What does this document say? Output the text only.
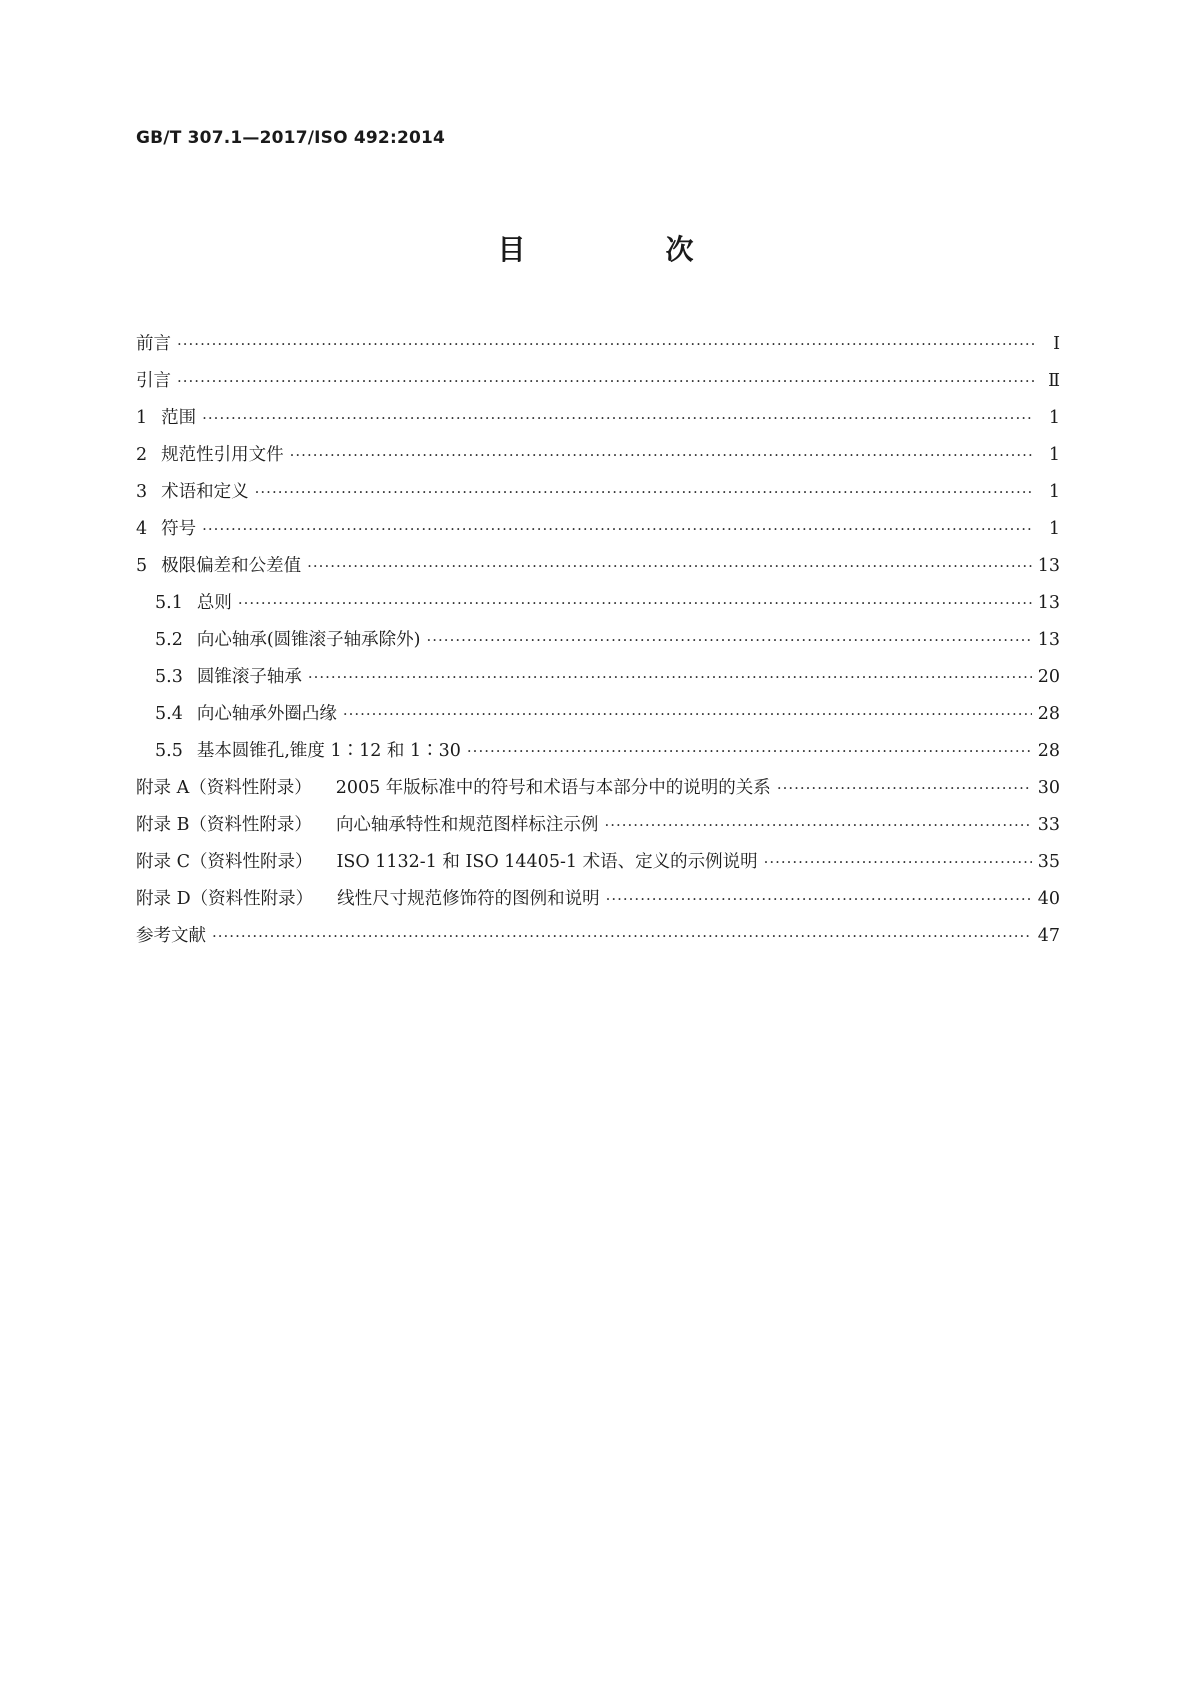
GB/T 307.1—2017/ISO 492:2014
目　次
前言 ·····	Ⅰ
引言 ·····	Ⅱ
1 范围 ·····	1
2 规范性引用文件 ·····	1
3 术语和定义 ·····	1
4 符号 ·····	1
5 极限偏差和公差值 ·····	13
5.1 总则 ·····	13
5.2 向心轴承(圆锥滚子轴承除外) ·····	13
5.3 圆锥滚子轴承 ·····	20
5.4 向心轴承外圈凸缘 ·····	28
5.5 基本圆锥孔,锥度 1∶12 和 1∶30 ·····	28
附录 A（资料性附录） 2005 年版标准中的符号和术语与本部分中的说明的关系 ·····	30
附录 B（资料性附录） 向心轴承特性和规范图样标注示例 ·····	33
附录 C（资料性附录） ISO 1132-1 和 ISO 14405-1 术语、定义的示例说明 ·····	35
附录 D（资料性附录） 线性尺寸规范修饰符的图例和说明 ·····	40
参考文献 ·····	47
